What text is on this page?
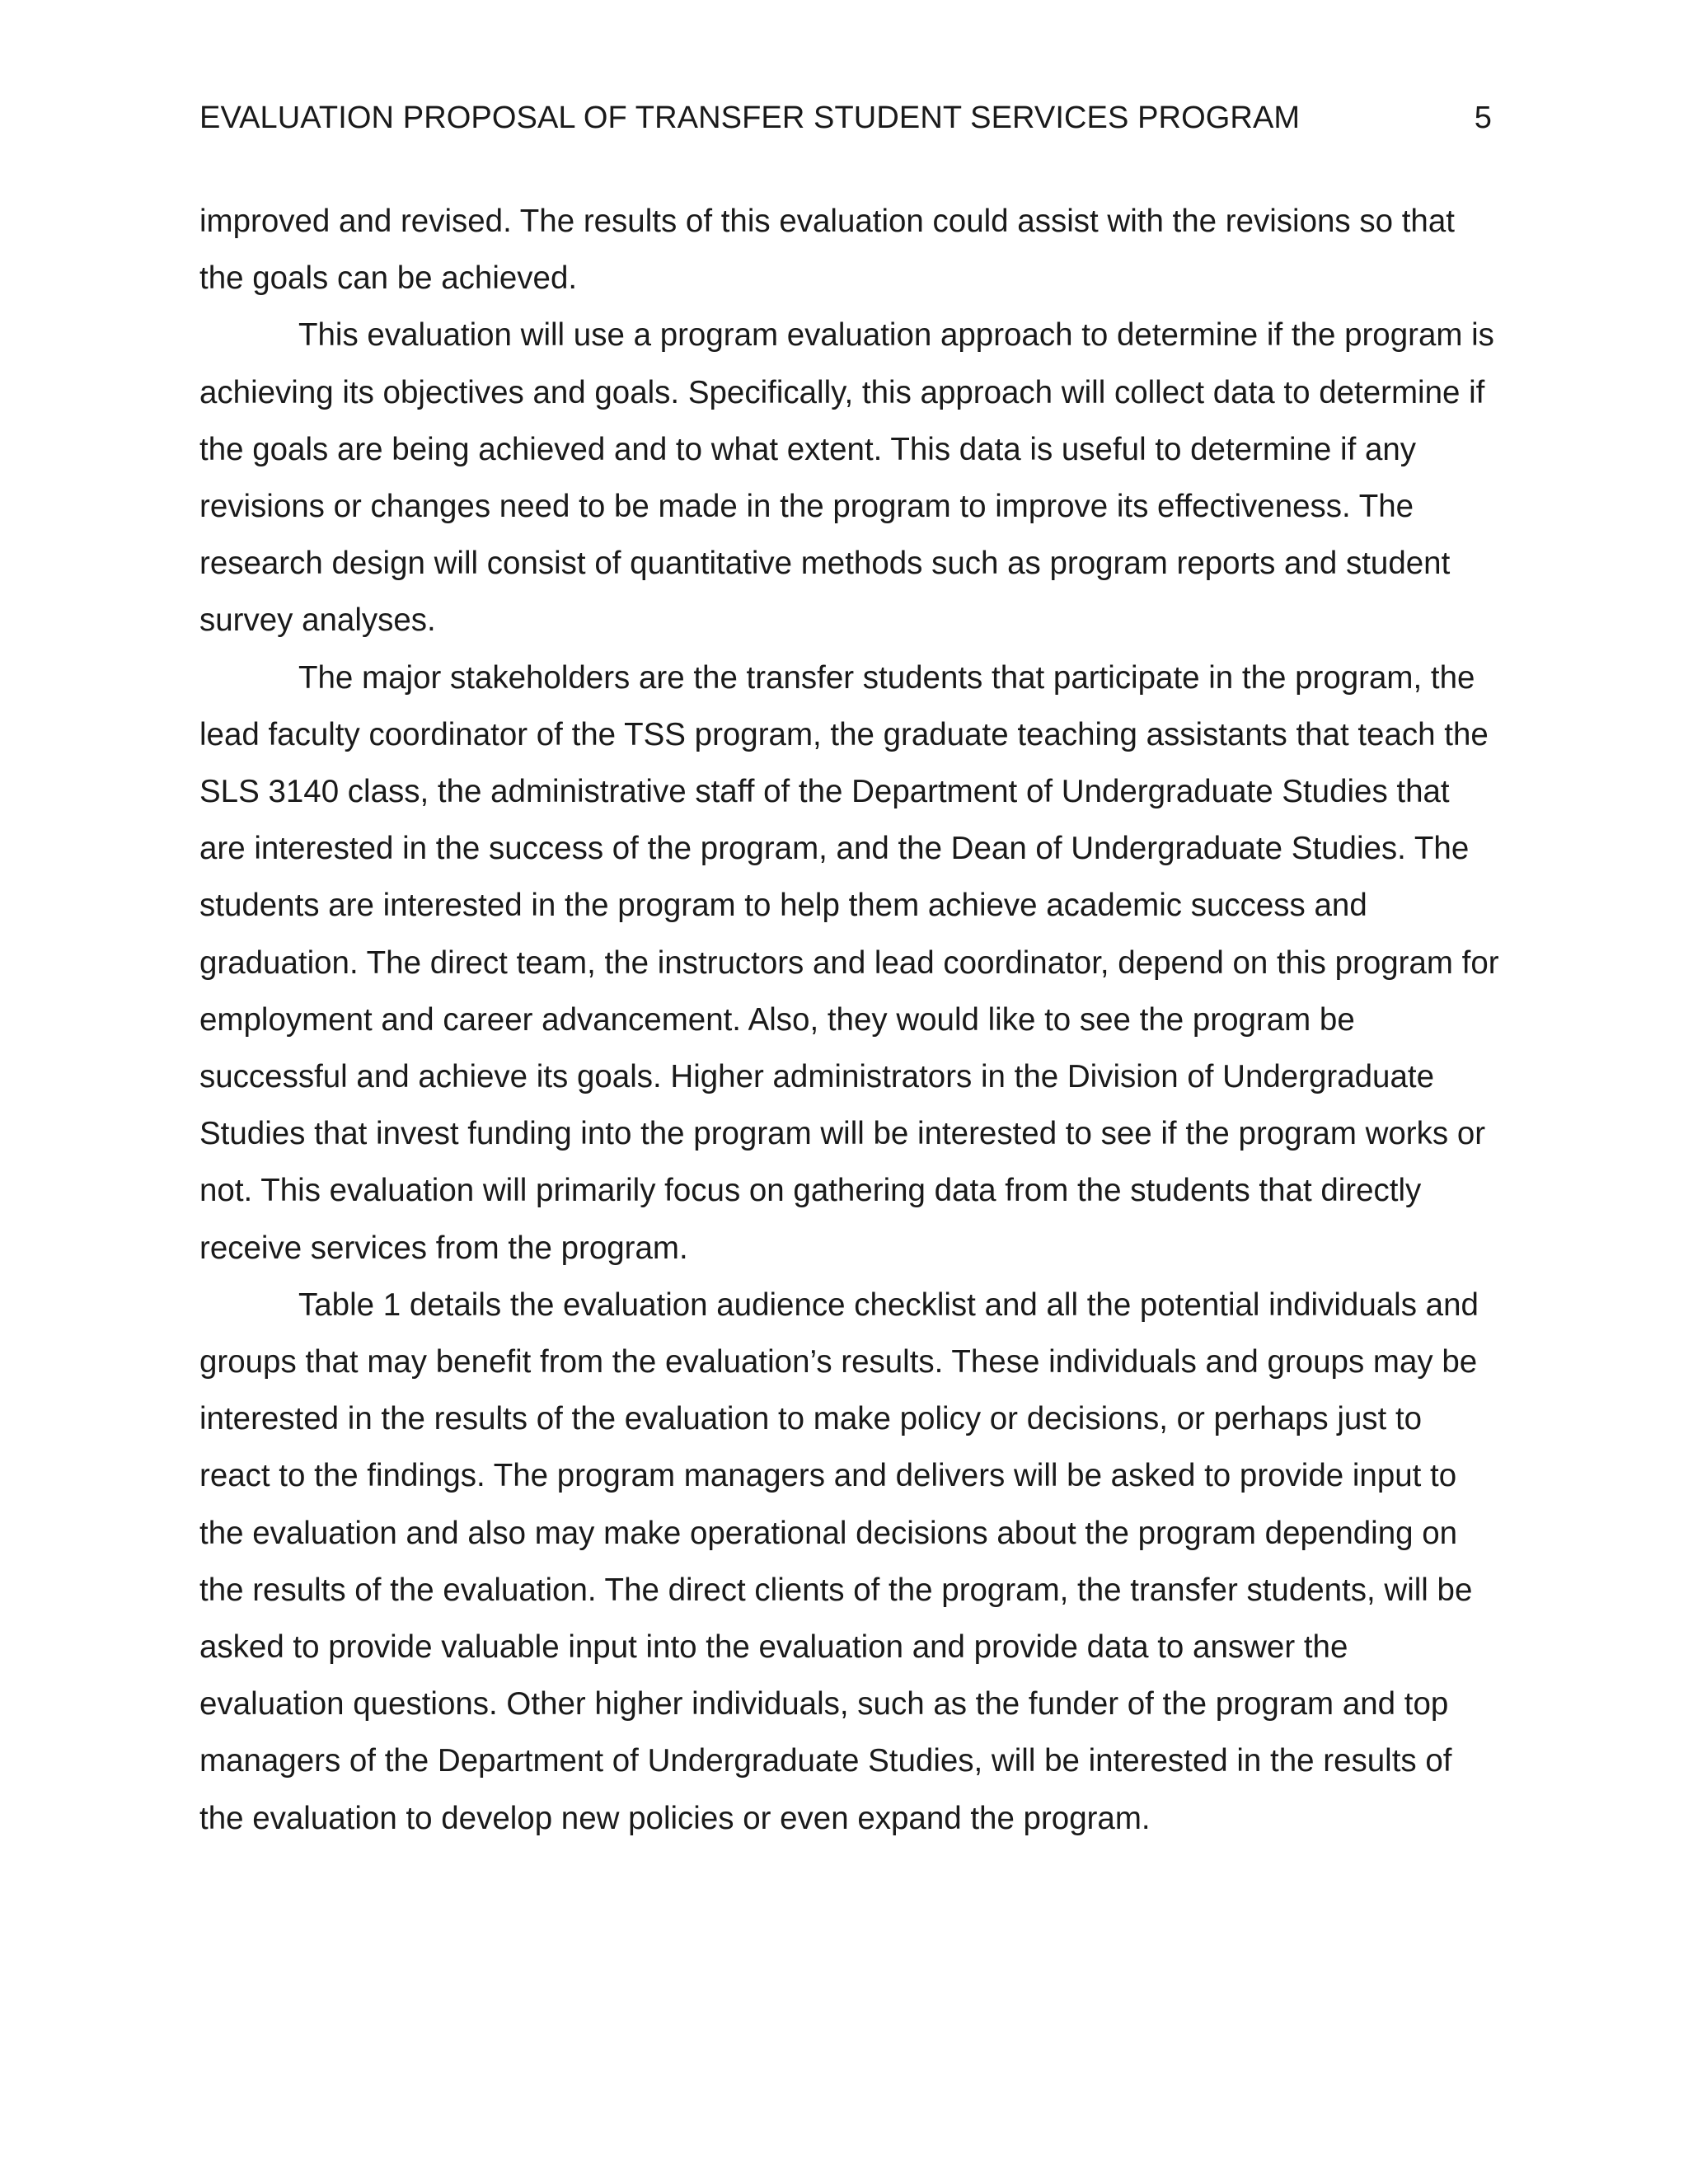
EVALUATION PROPOSAL OF TRANSFER STUDENT SERVICES PROGRAM	5

improved and revised. The results of this evaluation could assist with the revisions so that the goals can be achieved.

This evaluation will use a program evaluation approach to determine if the program is achieving its objectives and goals. Specifically, this approach will collect data to determine if the goals are being achieved and to what extent. This data is useful to determine if any revisions or changes need to be made in the program to improve its effectiveness. The research design will consist of quantitative methods such as program reports and student survey analyses.

The major stakeholders are the transfer students that participate in the program, the lead faculty coordinator of the TSS program, the graduate teaching assistants that teach the SLS 3140 class, the administrative staff of the Department of Undergraduate Studies that are interested in the success of the program, and the Dean of Undergraduate Studies. The students are interested in the program to help them achieve academic success and graduation. The direct team, the instructors and lead coordinator, depend on this program for employment and career advancement. Also, they would like to see the program be successful and achieve its goals. Higher administrators in the Division of Undergraduate Studies that invest funding into the program will be interested to see if the program works or not. This evaluation will primarily focus on gathering data from the students that directly receive services from the program.

Table 1 details the evaluation audience checklist and all the potential individuals and groups that may benefit from the evaluation’s results. These individuals and groups may be interested in the results of the evaluation to make policy or decisions, or perhaps just to react to the findings. The program managers and delivers will be asked to provide input to the evaluation and also may make operational decisions about the program depending on the results of the evaluation. The direct clients of the program, the transfer students, will be asked to provide valuable input into the evaluation and provide data to answer the evaluation questions. Other higher individuals, such as the funder of the program and top managers of the Department of Undergraduate Studies, will be interested in the results of the evaluation to develop new policies or even expand the program.
